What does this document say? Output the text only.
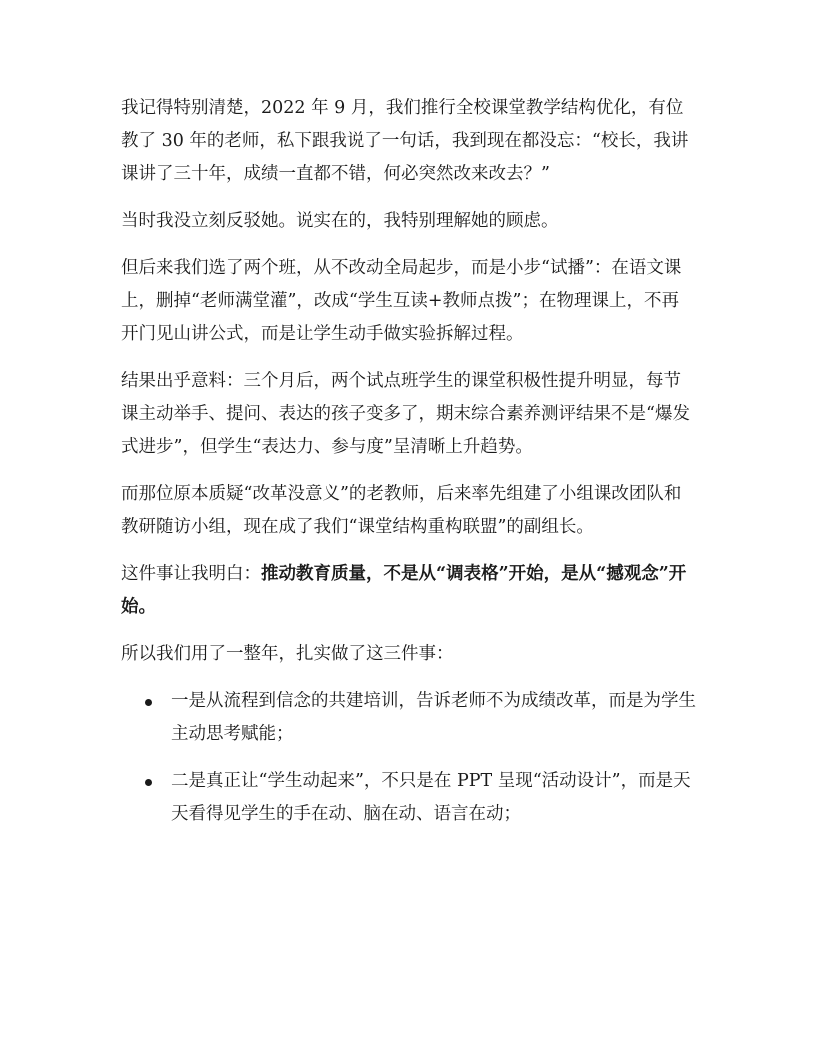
我记得特别清楚，2022 年 9 月，我们推行全校课堂教学结构优化，有位教了 30 年的老师，私下跟我说了一句话，我到现在都没忘：“校长，我讲课讲了三十年，成绩一直都不错，何必突然改来改去？”

当时我没立刻反驳她。说实在的，我特别理解她的顾虑。

但后来我们选了两个班，从不改动全局起步，而是小步“试播”：在语文课上，删掉“老师满堂灌”，改成“学生互读+教师点拨”；在物理课上，不再开门见山讲公式，而是让学生动手做实验拆解过程。

结果出乎意料：三个月后，两个试点班学生的课堂积极性提升明显，每节课主动举手、提问、表达的孩子变多了，期末综合素养测评结果不是“爆发式进步”，但学生“表达力、参与度”呈清晰上升趋势。

而那位原本质疑“改革没意义”的老教师，后来率先组建了小组课改团队和教研随访小组，现在成了我们“课堂结构重构联盟”的副组长。

这件事让我明白：推动教育质量，不是从“调表格”开始，是从“撼观念”开始。

所以我们用了一整年，扎实做了这三件事：

一是从流程到信念的共建培训，告诉老师不为成绩改革，而是为学生主动思考赋能；
二是真正让“学生动起来”，不只是在 PPT 呈现“活动设计”，而是天天看得见学生的手在动、脑在动、语言在动；
